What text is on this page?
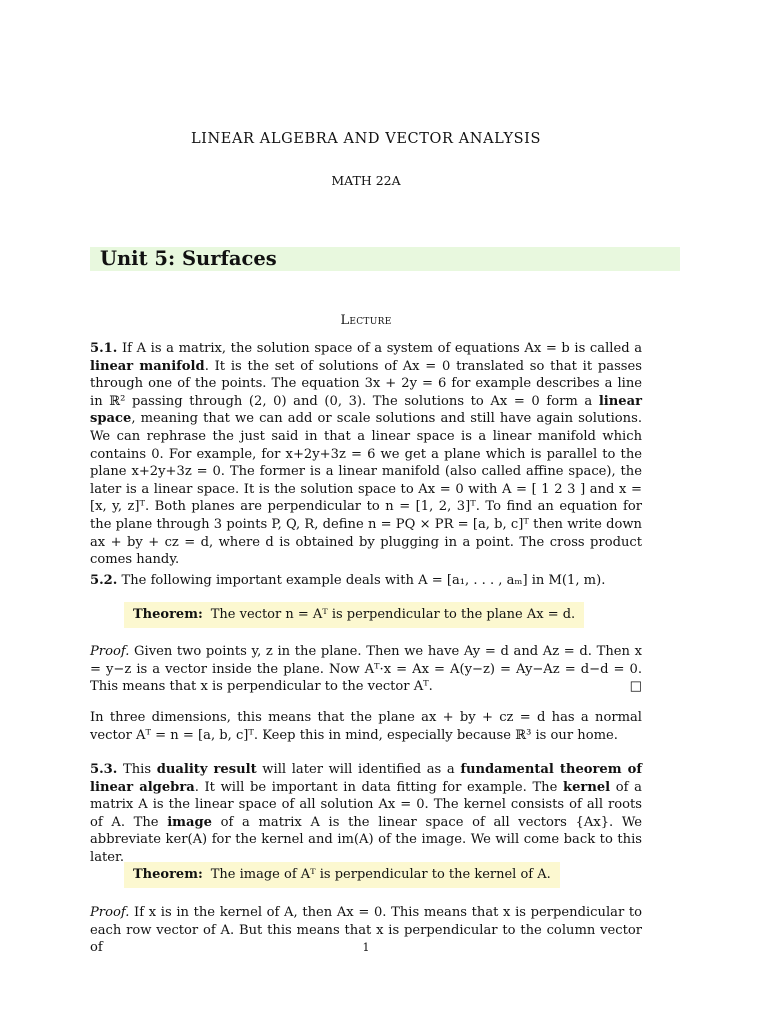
LINEAR ALGEBRA AND VECTOR ANALYSIS
MATH 22A
Unit 5: Surfaces
Lecture
5.1. If A is a matrix, the solution space of a system of equations Ax = b is called a linear manifold. It is the set of solutions of Ax = 0 translated so that it passes through one of the points. The equation 3x + 2y = 6 for example describes a line in ℝ² passing through (2, 0) and (0, 3). The solutions to Ax = 0 form a linear space, meaning that we can add or scale solutions and still have again solutions. We can rephrase the just said in that a linear space is a linear manifold which contains 0. For example, for x+2y+3z = 6 we get a plane which is parallel to the plane x+2y+3z = 0. The former is a linear manifold (also called affine space), the later is a linear space. It is the solution space to Ax = 0 with A = [ 1 2 3 ] and x = [x, y, z]ᵀ. Both planes are perpendicular to n = [1, 2, 3]ᵀ. To find an equation for the plane through 3 points P, Q, R, define n = PQ × PR = [a, b, c]ᵀ then write down ax + by + cz = d, where d is obtained by plugging in a point. The cross product comes handy.
5.2. The following important example deals with A = [a₁, . . . , aₘ] in M(1, m).
Theorem: The vector n = Aᵀ is perpendicular to the plane Ax = d.
Proof. Given two points y, z in the plane. Then we have Ay = d and Az = d. Then x = y−z is a vector inside the plane. Now Aᵀ·x = Ax = A(y−z) = Ay−Az = d−d = 0. This means that x is perpendicular to the vector Aᵀ.	□
In three dimensions, this means that the plane ax + by + cz = d has a normal vector Aᵀ = n = [a, b, c]ᵀ. Keep this in mind, especially because ℝ³ is our home.
5.3. This duality result will later will identified as a fundamental theorem of linear algebra. It will be important in data fitting for example. The kernel of a matrix A is the linear space of all solution Ax = 0. The kernel consists of all roots of A. The image of a matrix A is the linear space of all vectors {Ax}. We abbreviate ker(A) for the kernel and im(A) of the image. We will come back to this later.
Theorem: The image of Aᵀ is perpendicular to the kernel of A.
Proof. If x is in the kernel of A, then Ax = 0. This means that x is perpendicular to each row vector of A. But this means that x is perpendicular to the column vector of	1
